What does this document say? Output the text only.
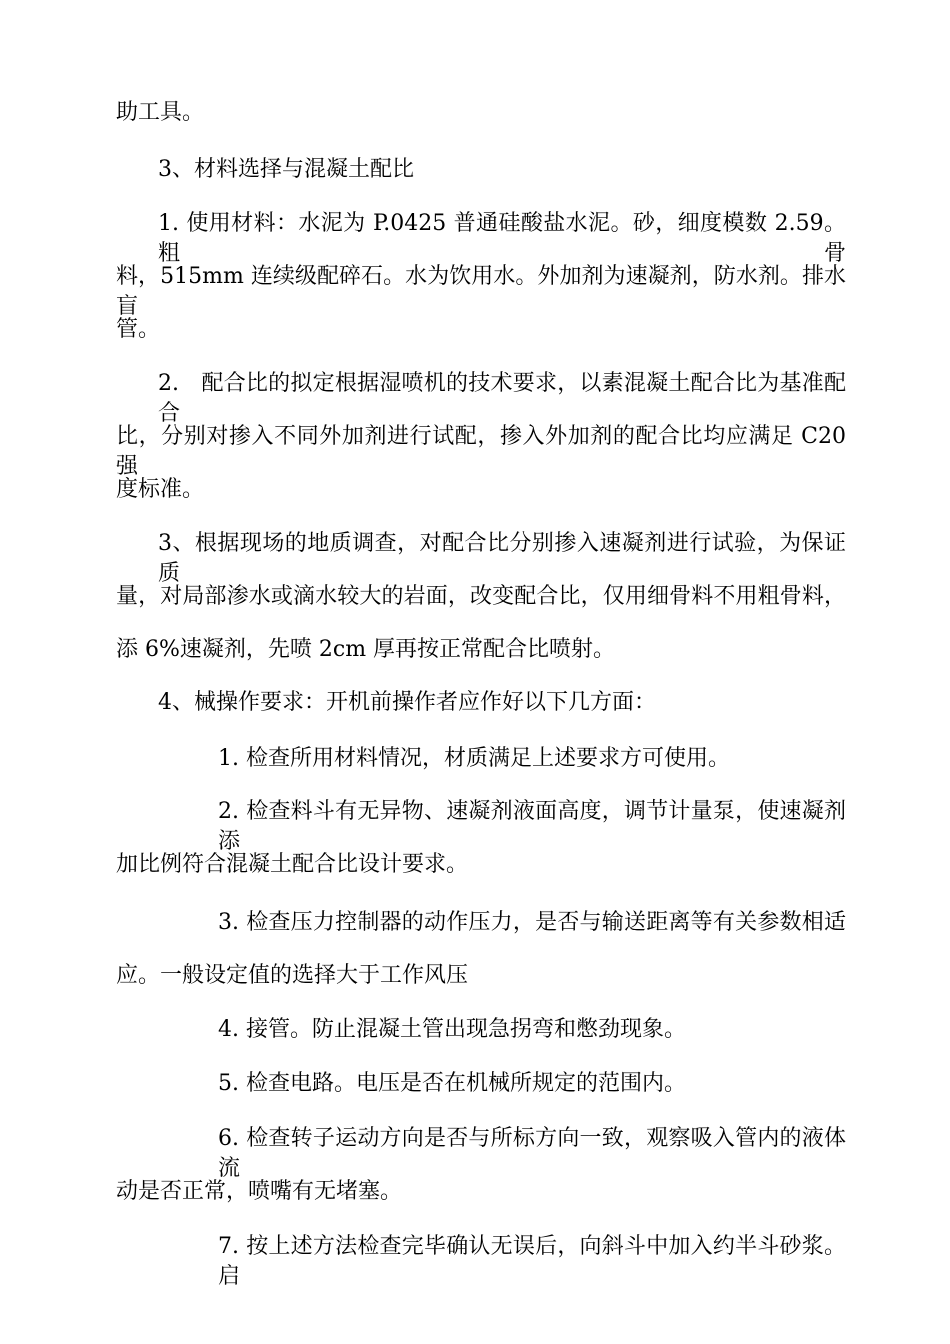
助工具。
3、材料选择与混凝土配比
1. 使用材料：水泥为 P.0425 普通硅酸盐水泥。砂，细度模数 2.59。粗骨
料，515mm 连续级配碎石。水为饮用水。外加剂为速凝剂，防水剂。排水盲
管。
2.　配合比的拟定根据湿喷机的技术要求，以素混凝土配合比为基准配合
比，分别对掺入不同外加剂进行试配，掺入外加剂的配合比均应满足 C20 强
度标准。
3、根据现场的地质调查，对配合比分别掺入速凝剂进行试验，为保证质
量，对局部渗水或滴水较大的岩面，改变配合比，仅用细骨料不用粗骨料，
添 6%速凝剂，先喷 2cm 厚再按正常配合比喷射。
4、械操作要求：开机前操作者应作好以下几方面：
1. 检查所用材料情况，材质满足上述要求方可使用。
2. 检查料斗有无异物、速凝剂液面高度，调节计量泵，使速凝剂添
加比例符合混凝土配合比设计要求。
3. 检查压力控制器的动作压力，是否与输送距离等有关参数相适
应。一般设定值的选择大于工作风压
4. 接管。防止混凝土管出现急拐弯和憋劲现象。
5. 检查电路。电压是否在机械所规定的范围内。
6. 检查转子运动方向是否与所标方向一致，观察吸入管内的液体流
动是否正常，喷嘴有无堵塞。
7. 按上述方法检查完毕确认无误后，向斜斗中加入约半斗砂浆。启
